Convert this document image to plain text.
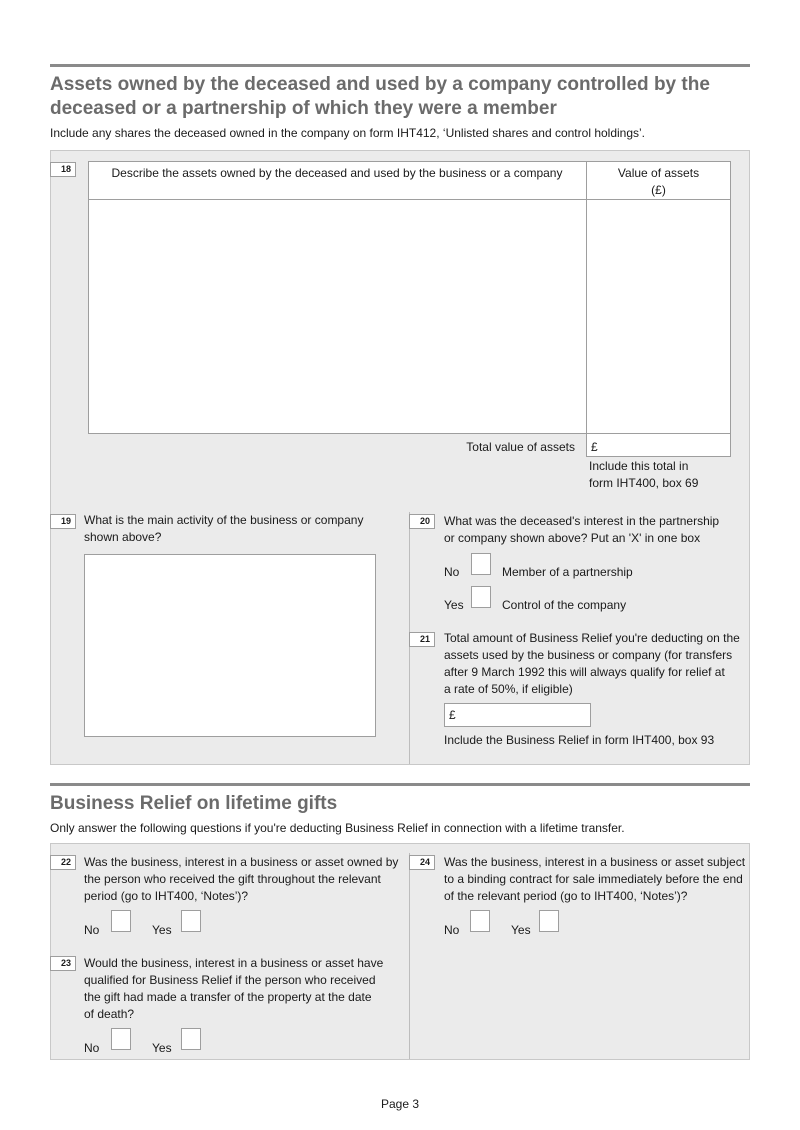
Assets owned by the deceased and used by a company controlled by the
deceased or a partnership of which they were a member
Include any shares the deceased owned in the company on form IHT412, ‘Unlisted shares and control holdings’.
18	Describe the assets owned by the deceased and used by the business or a company	Value of assets
(£)
Total value of assets £
Include this total in
form IHT400, box 69
19	What is the main activity of the business or company
shown above?
20	What was the deceased's interest in the partnership
or company shown above? Put an 'X' in one box
No	Member of a partnership
Yes	Control of the company
21	Total amount of Business Relief you're deducting on the
assets used by the business or company (for transfers
after 9 March 1992 this will always qualify for relief at
a rate of 50%, if eligible)
£
Include the Business Relief in form IHT400, box 93
Business Relief on lifetime gifts
Only answer the following questions if you're deducting Business Relief in connection with a lifetime transfer.
22	Was the business, interest in a business or asset owned by
the person who received the gift throughout the relevant
period (go to IHT400, ‘Notes’)?
No	Yes
23	Would the business, interest in a business or asset have
qualified for Business Relief if the person who received
the gift had made a transfer of the property at the date
of death?
No	Yes
24	Was the business, interest in a business or asset subject
to a binding contract for sale immediately before the end
of the relevant period (go to IHT400, ‘Notes’)?
No	Yes
Page 3
